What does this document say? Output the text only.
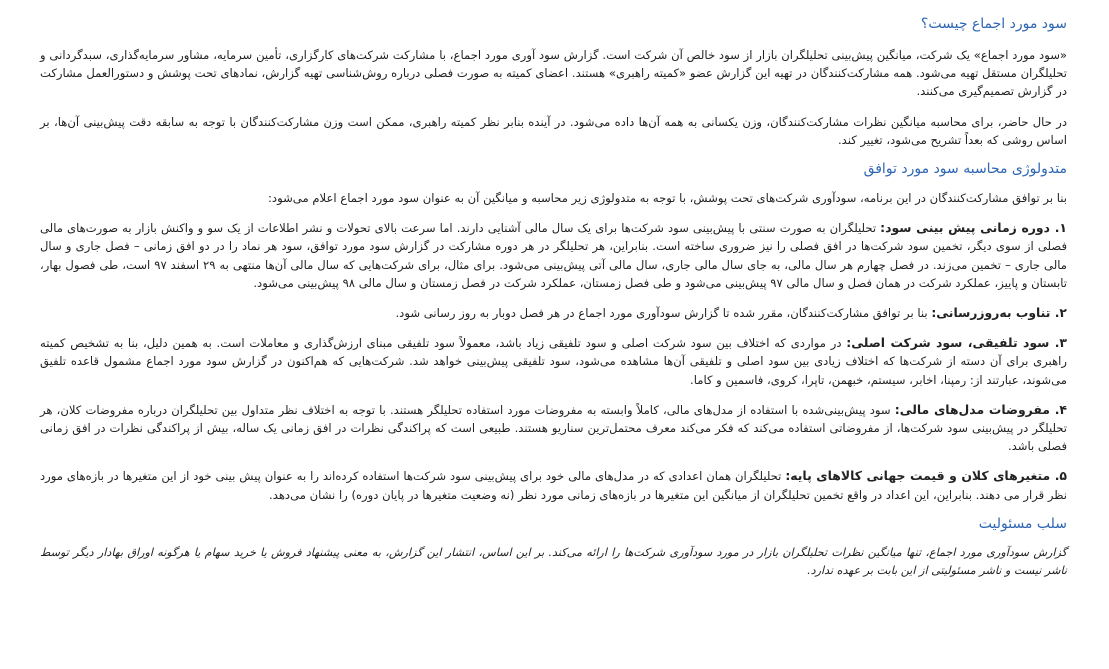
سود مورد اجماع چیست؟

«سود مورد اجماع» یک شرکت، میانگین پیش‌بینی تحلیلگران بازار از سود خالص آن شرکت است. گزارش سود آوری مورد اجماع، با مشارکت شرکت‌های کارگزاری، تأمین سرمایه، مشاور سرمایه‌گذاری، سبدگردانی و تحلیلگران مستقل تهیه می‌شود. همه مشارکت‌کنندگان در تهیه این گزارش عضو «کمیته راهبری» هستند. اعضای کمیته به صورت فصلی درباره روش‌شناسی تهیه گزارش، نمادهای تحت پوشش و دستورالعمل مشارکت در گزارش تصمیم‌گیری می‌کنند.

در حال حاضر، برای محاسبه میانگین نظرات مشارکت‌کنندگان، وزن یکسانی به همه آن‌ها داده می‌شود. در آینده بنابر نظر کمیته راهبری، ممکن است وزن مشارکت‌کنندگان با توجه به سابقه دقت پیش‌بینی آن‌ها، بر اساس روشی که بعداً تشریح می‌شود، تغییر کند.

متدولوژی محاسبه سود مورد توافق

بنا بر توافق مشارکت‌کنندگان در این برنامه، سودآوری شرکت‌های تحت پوشش، با توجه به متدولوژی زیر محاسبه و میانگین آن به عنوان سود مورد اجماع اعلام می‌شود:

۱. دوره زمانی پیش بینی سود: تحلیلگران به صورت سنتی با پیش‌بینی سود شرکت‌ها برای یک سال مالی آشنایی دارند. اما سرعت بالای تحولات و نشر اطلاعات از یک سو و واکنش بازار به صورت‌های مالی فصلی از سوی دیگر، تخمین سود شرکت‌ها در افق فصلی را نیز ضروری ساخته است. بنابراین، هر تحلیلگر در هر دوره مشارکت در گزارش سود مورد توافق، سود هر نماد را در دو افق زمانی – فصل جاری و سال مالی جاری – تخمین می‌زند. در فصل چهارم هر سال مالی، به جای سال مالی جاری، سال مالی آتی پیش‌بینی می‌شود. برای مثال، برای شرکت‌هایی که سال مالی آن‌ها منتهی به ۲۹ اسفند ۹۷ است، طی فصول بهار، تابستان و پاییز، عملکرد شرکت در همان فصل و سال مالی ۹۷ پیش‌بینی می‌شود و طی فصل زمستان، عملکرد شرکت در فصل زمستان و سال مالی ۹۸ پیش‌بینی می‌شود.

۲. تناوب به‌روزرسانی: بنا بر توافق مشارکت‌کنندگان، مقرر شده تا گزارش سودآوری مورد اجماع در هر فصل دوبار به روز رسانی شود.

۳. سود تلفیقی، سود شرکت اصلی: در مواردی که اختلاف بین سود شرکت اصلی و سود تلفیقی زیاد باشد، معمولاً سود تلفیقی مبنای ارزش‌گذاری و معاملات است. به همین دلیل، بنا به تشخیص کمیته راهبری برای آن دسته از شرکت‌ها که اختلاف زیادی بین سود اصلی و تلفیقی آن‌ها مشاهده می‌شود، سود تلفیقی پیش‌بینی خواهد شد. شرکت‌هایی که هم‌اکنون در گزارش سود مورد اجماع مشمول قاعده تلفیق می‌شوند، عبارتند از: رمپنا، اخابر، سیستم، خبهمن، تاپرا، کروی، فاسمین و کاما.

۴. مفروضات مدل‌های مالی: سود پیش‌بینی‌شده با استفاده از مدل‌های مالی، کاملاً وابسته به مفروضات مورد استفاده تحلیلگر هستند. با توجه به اختلاف نظر متداول بین تحلیلگران درباره مفروضات کلان، هر تحلیلگر در پیش‌بینی سود شرکت‌ها، از مفروضاتی استفاده می‌کند که فکر می‌کند معرف محتمل‌ترین سناریو هستند. طبیعی است که پراکندگی نظرات در افق زمانی یک ساله، بیش از پراکندگی نظرات در افق زمانی فصلی باشد.

۵. متغیرهای کلان و قیمت جهانی کالاهای پایه: تحلیلگران همان اعدادی که در مدل‌های مالی خود برای پیش‌بینی سود شرکت‌ها استفاده کرده‌اند را به عنوان پیش بینی خود از این متغیرها در بازه‌های مورد نظر قرار می دهند. بنابراین، این اعداد در واقع تخمین تحلیلگران از میانگین این متغیرها در بازه‌های زمانی مورد نظر (نه وضعیت متغیرها در پایان دوره) را نشان می‌دهد.

سلب مسئولیت

گزارش سودآوری مورد اجماع، تنها میانگین نظرات تحلیلگران بازار در مورد سودآوری شرکت‌ها را ارائه می‌کند. بر این اساس، انتشار این گزارش، به معنی پیشنهاد فروش یا خرید سهام یا هرگونه اوراق بهادار دیگر توسط ناشر نیست و ناشر مسئولیتی از این بابت بر عهده ندارد.
